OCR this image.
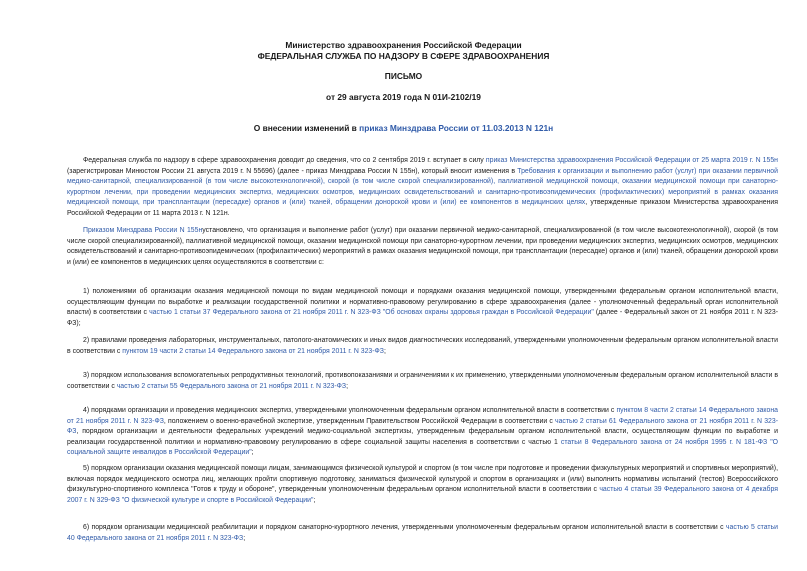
Министерство здравоохранения Российской Федерации
ФЕДЕРАЛЬНАЯ СЛУЖБА ПО НАДЗОРУ В СФЕРЕ ЗДРАВООХРАНЕНИЯ
ПИСЬМО
от 29 августа 2019 года N 01И-2102/19
О внесении изменений в приказ Минздрава России от 11.03.2013 N 121н

Федеральная служба по надзору в сфере здравоохранения доводит до сведения, что со 2 сентября 2019 г. вступает в силу приказ Министерства здравоохранения Российской Федерации от 25 марта 2019 г. N 155н (зарегистрирован Минюстом России 21 августа 2019 г. N 55696) (далее - приказ Минздрава России N 155н), который вносит изменения в Требования к организации и выполнению работ (услуг) при оказании первичной медико-санитарной, специализированной (в том числе высокотехнологичной), скорой (в том числе скорой специализированной), паллиативной медицинской помощи, оказании медицинской помощи при санаторно-курортном лечении, при проведении медицинских экспертиз, медицинских осмотров, медицинских освидетельствований и санитарно-противоэпидемических (профилактических) мероприятий в рамках оказания медицинской помощи, при трансплантации (пересадке) органов и (или) тканей, обращении донорской крови и (или) ее компонентов в медицинских целях, утвержденные приказом Министерства здравоохранения Российской Федерации от 11 марта 2013 г. N 121н.

Приказом Минздрава России N 155нустановлено, что организация и выполнение работ (услуг) при оказании первичной медико-санитарной, специализированной (в том числе высокотехнологичной), скорой (в том числе скорой специализированной), паллиативной медицинской помощи, оказании медицинской помощи при санаторно-курортном лечении, при проведении медицинских экспертиз, медицинских осмотров, медицинских освидетельствований и санитарно-противоэпидемических (профилактических) мероприятий в рамках оказания медицинской помощи, при трансплантации (пересадке) органов и (или) тканей, обращении донорской крови и (или) ее компонентов в медицинских целях осуществляются в соответствии с:

1) положениями об организации оказания медицинской помощи по видам медицинской помощи и порядками оказания медицинской помощи, утвержденными федеральным органом исполнительной власти, осуществляющим функции по выработке и реализации государственной политики и нормативно-правовому регулированию в сфере здравоохранения (далее - уполномоченный федеральный орган исполнительной власти) в соответствии с частью 1 статьи 37 Федерального закона от 21 ноября 2011 г. N 323-ФЗ "Об основах охраны здоровья граждан в Российской Федерации" (далее - Федеральный закон от 21 ноября 2011 г. N 323-ФЗ);

2) правилами проведения лабораторных, инструментальных, патолого-анатомических и иных видов диагностических исследований, утвержденными уполномоченным федеральным органом исполнительной власти в соответствии с пунктом 19 части 2 статьи 14 Федерального закона от 21 ноября 2011 г. N 323-ФЗ;

3) порядком использования вспомогательных репродуктивных технологий, противопоказаниями и ограничениями к их применению, утвержденными уполномоченным федеральным органом исполнительной власти в соответствии с частью 2 статьи 55 Федерального закона от 21 ноября 2011 г. N 323-ФЗ;

4) порядками организации и проведения медицинских экспертиз, утвержденными уполномоченным федеральным органом исполнительной власти в соответствии с пунктом 8 части 2 статьи 14 Федерального закона от 21 ноября 2011 г. N 323-ФЗ, положением о военно-врачебной экспертизе, утвержденным Правительством Российской Федерации в соответствии с частью 2 статьи 61 Федерального закона от 21 ноября 2011 г. N 323-ФЗ, порядком организации и деятельности федеральных учреждений медико-социальной экспертизы, утвержденным федеральным органом исполнительной власти, осуществляющим функции по выработке и реализации государственной политики и нормативно-правовому регулированию в сфере социальной защиты населения в соответствии с частью 1 статьи 8 Федерального закона от 24 ноября 1995 г. N 181-ФЗ "О социальной защите инвалидов в Российской Федерации";

5) порядком организации оказания медицинской помощи лицам, занимающимся физической культурой и спортом (в том числе при подготовке и проведении физкультурных мероприятий и спортивных мероприятий), включая порядок медицинского осмотра лиц, желающих пройти спортивную подготовку, заниматься физической культурой и спортом в организациях и (или) выполнить нормативы испытаний (тестов) Всероссийского физкультурно-спортивного комплекса "Готов к труду и обороне", утвержденным уполномоченным федеральным органом исполнительной власти в соответствии с частью 4 статьи 39 Федерального закона от 4 декабря 2007 г. N 329-ФЗ "О физической культуре и спорте в Российской Федерации";

6) порядком организации медицинской реабилитации и порядком санаторно-курортного лечения, утвержденными уполномоченным федеральным органом исполнительной власти в соответствии с частью 5 статьи 40 Федерального закона от 21 ноября 2011 г. N 323-ФЗ;
